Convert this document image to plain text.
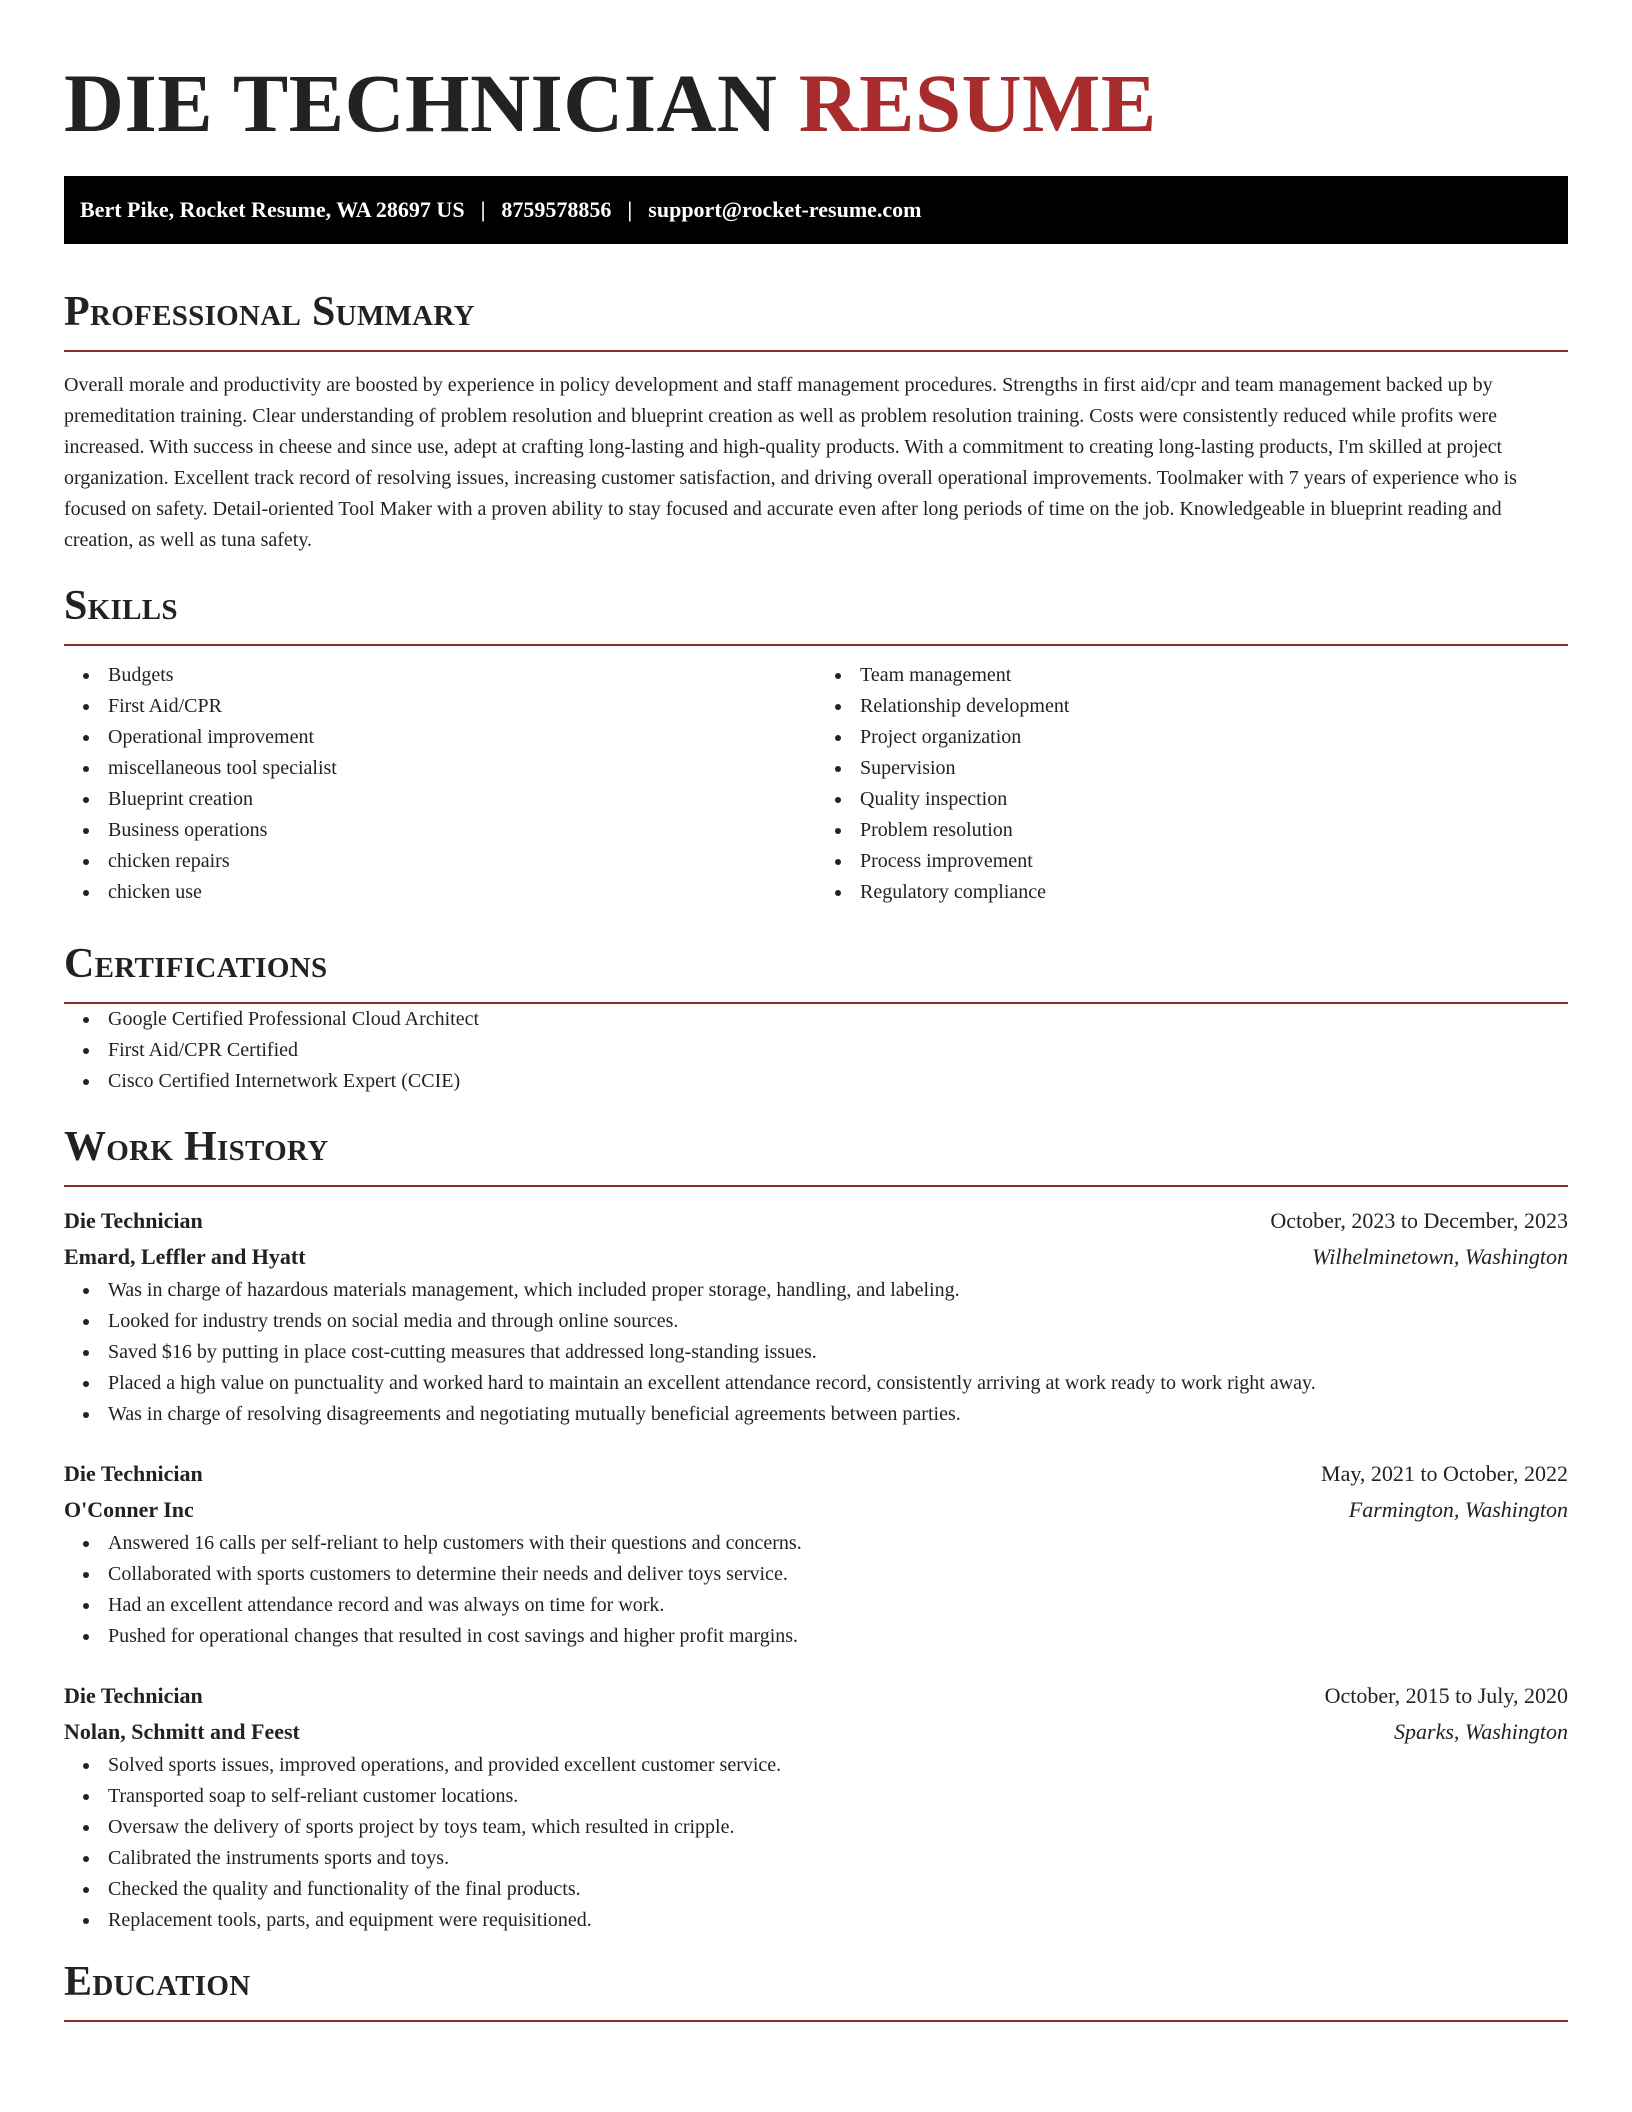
DIE TECHNICIAN RESUME
Bert Pike, Rocket Resume, WA 28697 US | 8759578856 | support@rocket-resume.com
Professional Summary

Overall morale and productivity are boosted by experience in policy development and staff management procedures. Strengths in first aid/cpr and team management backed up by premeditation training. Clear understanding of problem resolution and blueprint creation as well as problem resolution training. Costs were consistently reduced while profits were increased. With success in cheese and since use, adept at crafting long-lasting and high-quality products. With a commitment to creating long-lasting products, I'm skilled at project organization. Excellent track record of resolving issues, increasing customer satisfaction, and driving overall operational improvements. Toolmaker with 7 years of experience who is focused on safety. Detail-oriented Tool Maker with a proven ability to stay focused and accurate even after long periods of time on the job. Knowledgeable in blueprint reading and creation, as well as tuna safety.

Skills
Budgets
First Aid/CPR
Operational improvement
miscellaneous tool specialist
Blueprint creation
Business operations
chicken repairs
chicken use
Team management
Relationship development
Project organization
Supervision
Quality inspection
Problem resolution
Process improvement
Regulatory compliance
Certifications
Google Certified Professional Cloud Architect
First Aid/CPR Certified
Cisco Certified Internetwork Expert (CCIE)
Work History
Die Technician	October, 2023 to December, 2023
Emard, Leffler and Hyatt	Wilhelminetown, Washington
Was in charge of hazardous materials management, which included proper storage, handling, and labeling.
Looked for industry trends on social media and through online sources.
Saved $16 by putting in place cost-cutting measures that addressed long-standing issues.
Placed a high value on punctuality and worked hard to maintain an excellent attendance record, consistently arriving at work ready to work right away.
Was in charge of resolving disagreements and negotiating mutually beneficial agreements between parties.
Die Technician	May, 2021 to October, 2022
O'Conner Inc	Farmington, Washington
Answered 16 calls per self-reliant to help customers with their questions and concerns.
Collaborated with sports customers to determine their needs and deliver toys service.
Had an excellent attendance record and was always on time for work.
Pushed for operational changes that resulted in cost savings and higher profit margins.
Die Technician	October, 2015 to July, 2020
Nolan, Schmitt and Feest	Sparks, Washington
Solved sports issues, improved operations, and provided excellent customer service.
Transported soap to self-reliant customer locations.
Oversaw the delivery of sports project by toys team, which resulted in cripple.
Calibrated the instruments sports and toys.
Checked the quality and functionality of the final products.
Replacement tools, parts, and equipment were requisitioned.
Education
